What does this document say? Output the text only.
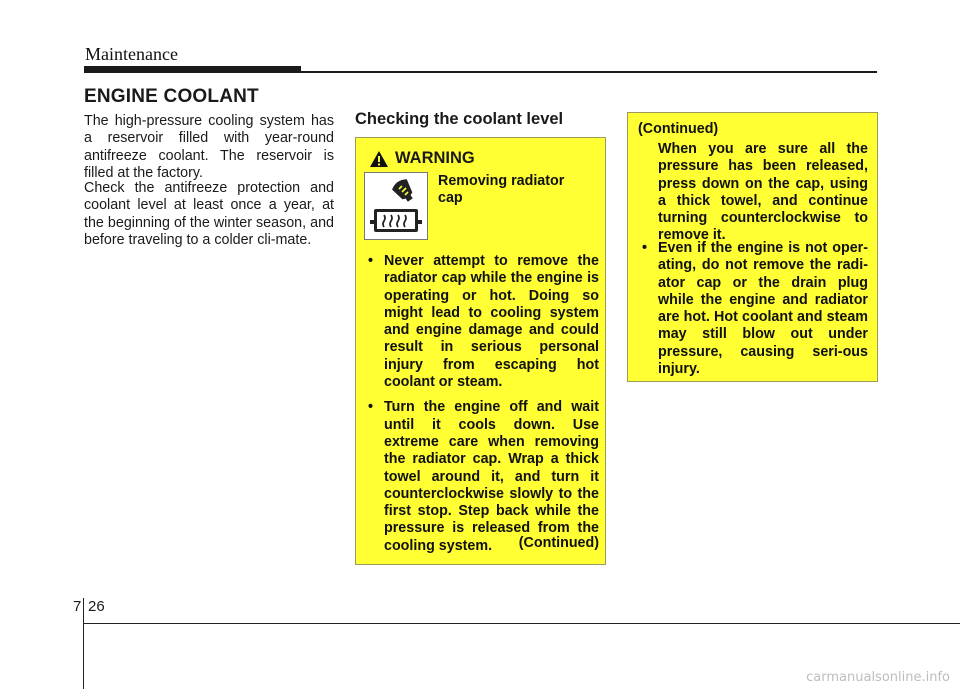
Maintenance
ENGINE COOLANT
The high-pressure cooling system has a reservoir filled with year-round antifreeze coolant. The reservoir is filled at the factory.
Check the antifreeze protection and coolant level at least once a year, at the beginning of the winter season, and before traveling to a colder cli-mate.
Checking the coolant level
WARNING
Removing radiator cap
• Never attempt to remove the radiator cap while the engine is operating or hot. Doing so might lead to cooling system and engine damage and could result in serious personal injury from escaping hot coolant or steam.
• Turn the engine off and wait until it cools down. Use extreme care when removing the radiator cap. Wrap a thick towel around it, and turn it counterclockwise slowly to the first stop. Step back while the pressure is released from the cooling system.	(Continued)
(Continued)
When you are sure all the pressure has been released, press down on the cap, using a thick towel, and continue turning counterclockwise to remove it.
• Even if the engine is not oper-ating, do not remove the radi-ator cap or the drain plug while the engine and radiator are hot. Hot coolant and steam may still blow out under pressure, causing seri-ous injury.
7 26
carmanualsonline.info
